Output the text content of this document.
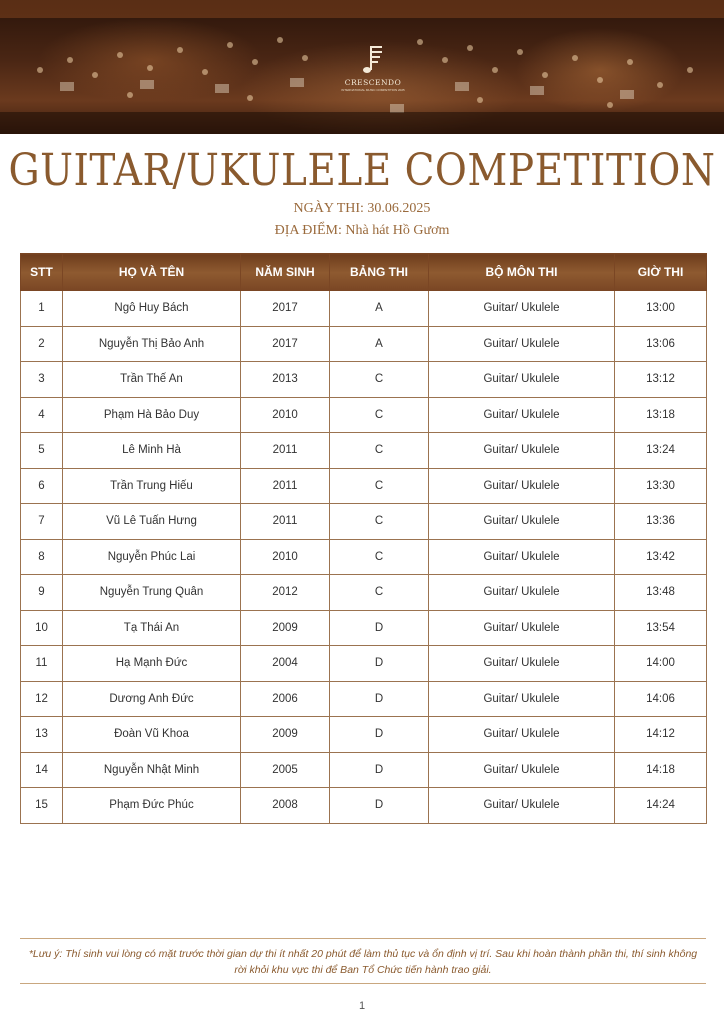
CRESCENDO
INTERNATIONAL MUSIC COMPETITION 2025
GUITAR/UKULELE COMPETITION
NGÀY THI: 30.06.2025
ĐỊA ĐIỂM: Nhà hát Hồ Gươm
STT	HỌ VÀ TÊN	NĂM SINH	BẢNG THI	BỘ MÔN THI	GIỜ THI
1	Ngô Huy Bách	2017	A	Guitar/ Ukulele	13:00
2	Nguyễn Thị Bảo Anh	2017	A	Guitar/ Ukulele	13:06
3	Trần Thế An	2013	C	Guitar/ Ukulele	13:12
4	Phạm Hà Bảo Duy	2010	C	Guitar/ Ukulele	13:18
5	Lê Minh Hà	2011	C	Guitar/ Ukulele	13:24
6	Trần Trung Hiếu	2011	C	Guitar/ Ukulele	13:30
7	Vũ Lê Tuấn Hưng	2011	C	Guitar/ Ukulele	13:36
8	Nguyễn Phúc Lai	2010	C	Guitar/ Ukulele	13:42
9	Nguyễn Trung Quân	2012	C	Guitar/ Ukulele	13:48
10	Tạ Thái An	2009	D	Guitar/ Ukulele	13:54
11	Hạ Mạnh Đức	2004	D	Guitar/ Ukulele	14:00
12	Dương Anh Đức	2006	D	Guitar/ Ukulele	14:06
13	Đoàn Vũ Khoa	2009	D	Guitar/ Ukulele	14:12
14	Nguyễn Nhật Minh	2005	D	Guitar/ Ukulele	14:18
15	Phạm Đức Phúc	2008	D	Guitar/ Ukulele	14:24
*Lưu ý: Thí sinh vui lòng có mặt trước thời gian dự thi ít nhất 20 phút để làm thủ tục và ổn định vị trí. Sau khi hoàn thành phần thi, thí sinh không rời khỏi khu vực thi để Ban Tổ Chức tiến hành trao giải.
1
